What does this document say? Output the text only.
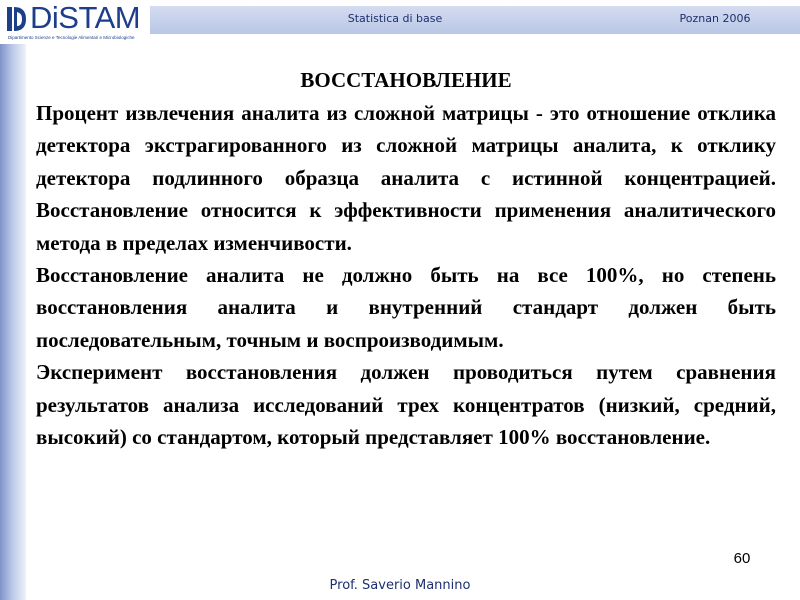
DiSTAM
Dipartimento Scienze e Tecnologie Alimentari e Microbiologiche
Statistica di base	Poznan 2006
ВОССТАНОВЛЕНИЕ

Процент извлечения аналита из сложной матрицы - это отношение отклика детектора экстрагированного из сложной матрицы аналита, к отклику детектора подлинного образца аналита с истинной концентрацией. Восстановление относится к эффективности применения аналитического метода в пределах изменчивости.

Восстановление аналита не должно быть на все 100%, но степень восстановления аналита и внутренний стандарт должен быть последовательным, точным и воспроизводимым.

Эксперимент восстановления должен проводиться путем сравнения результатов анализа исследований трех концентратов (низкий, средний, высокий) со стандартом, который представляет 100% восстановление.

60
Prof. Saverio Mannino
